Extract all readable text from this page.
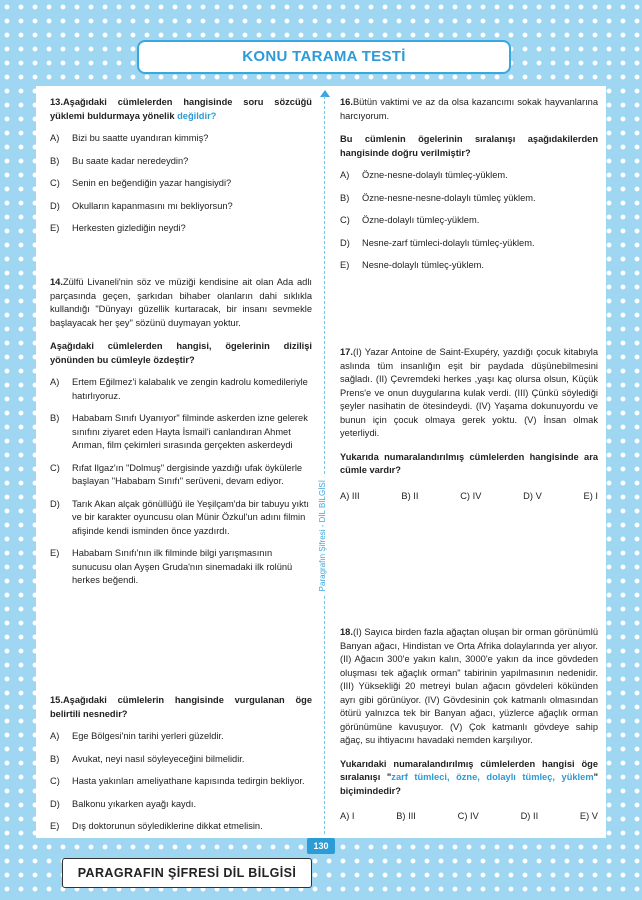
KONU TARAMA TESTİ
Paragrafın Şifresi - DİL BİLGİSİ

13.Aşağıdaki cümlelerden hangisinde soru sözcüğü yüklemi buldurmaya yönelik değildir?

A)	Bizi bu saatte uyandıran kimmiş?
B)	Bu saate kadar neredeydin?
C)	Senin en beğendiğin yazar hangisiydi?
D)	Okulların kapanmasını mı bekliyorsun?
E)	Herkesten gizlediğin neydi?

14.Zülfü Livaneli'nin söz ve müziği kendisine ait olan Ada adlı parçasında geçen, şarkıdan bihaber olanların dahi sıklıkla kullandığı "Dünyayı güzellik kurtaracak, bir insanı sevmekle başlayacak her şey" sözünü duymayan yoktur.

Aşağıdaki cümlelerden hangisi, ögelerinin dizilişi yönünden bu cümleyle özdeştir?

A)	Ertem Eğilmez'i kalabalık ve zengin kadrolu komedileriyle hatırlıyoruz.
B)	Hababam Sınıfı Uyanıyor" filminde askerden izne gelerek sınıfını ziyaret eden Hayta İsmail'i canlandıran Ahmet Arıman, film çekimleri sırasında gerçekten askerdeydi
C)	Rıfat Ilgaz'ın "Dolmuş" dergisinde yazdığı ufak öykülerle başlayan "Hababam Sınıfı" serüveni, devam ediyor.
D)	Tarık Akan alçak gönüllüğü ile Yeşilçam'da bir tabuyu yıktı ve bir karakter oyuncusu olan Münir Özkul'un adını filmin afişinde kendi isminden önce yazdırdı.
E)	Hababam Sınıfı'nın ilk filminde bilgi yarışmasının sunucusu olan Ayşen Gruda'nın sinemadaki ilk rolünü herkes beğendi.

15.Aşağıdaki cümlelerin hangisinde vurgulanan öge belirtili nesnedir?

A)	Ege Bölgesi'nin tarihi yerleri güzeldir.
B)	Avukat, neyi nasıl söyleyeceğini bilmelidir.
C)	Hasta yakınları ameliyathane kapısında tedirgin bekliyor.
D)	Balkonu yıkarken ayağı kaydı.
E)	Dış doktorunun söylediklerine dikkat etmelisin.

16.Bütün vaktimi ve az da olsa kazancımı sokak hayvanlarına harcıyorum.

Bu cümlenin ögelerinin sıralanışı aşağıdakilerden hangisinde doğru verilmiştir?

A)	Özne-nesne-dolaylı tümleç-yüklem.
B)	Özne-nesne-nesne-dolaylı tümleç yüklem.
C)	Özne-dolaylı tümleç-yüklem.
D)	Nesne-zarf tümleci-dolaylı tümleç-yüklem.
E)	Nesne-dolaylı tümleç-yüklem.

17.(I) Yazar Antoine de Saint-Exupéry, yazdığı çocuk kitabıyla aslında tüm insanlığın eşit bir paydada düşünebilmesini sağladı. (II) Çevremdeki herkes ,yaşı kaç olursa olsun, Küçük Prens'e ve onun duygularına kulak verdi. (III) Çünkü söylediği şeyler nasihatin de ötesindeydi. (IV) Yaşama dokunuyordu ve bunun için çocuk olmaya gerek yoktu. (V) İnsan olmak yeterliydi.

Yukarıda numaralandırılmış cümlelerden hangisinde ara cümle vardır?

A) III	B) II	C) IV	D) V	E) I

18.(I) Sayıca birden fazla ağaçtan oluşan bir orman görünümlü Banyan ağacı, Hindistan ve Orta Afrika dolaylarında yer alıyor. (II) Ağacın 300'e yakın kalın, 3000'e yakın da ince gövdeden oluşması tek ağaçlık orman" tabirinin yapılmasının nedenidir. (III) Yüksekliği 20 metreyi bulan ağacın gövdeleri kökünden ayrı gibi görünüyor. (IV) Gövdesinin çok katmanlı olmasından ötürü yalnızca tek bir Banyan ağacı, yüzlerce ağaçlık orman görünümüne kavuşuyor. (V) Çok katmanlı gövdeye sahip ağaç, su ihtiyacını havadaki nemden karşılıyor.

Yukarıdaki numaralandırılmış cümlelerden hangisi öge sıralanışı "zarf tümleci, özne, dolaylı tümleç, yüklem" biçimindedir?

A) I	B) III	C) IV	D) II	E) V
130
PARAGRAFIN ŞİFRESİ DİL BİLGİSİ
